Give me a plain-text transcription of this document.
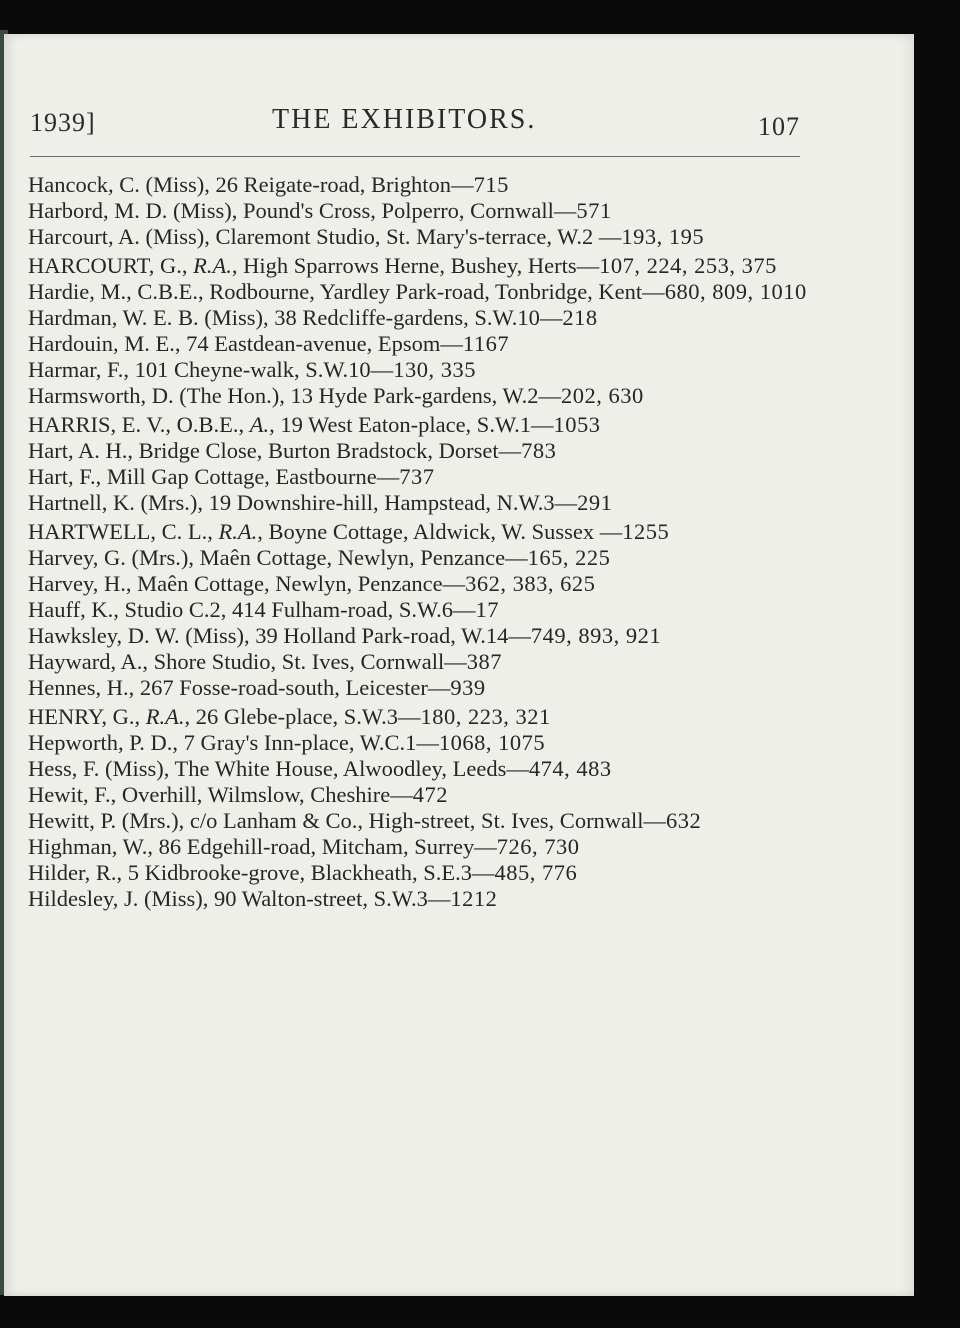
1939]	THE EXHIBITORS.	107

Hancock, C. (Miss), 26 Reigate-road, Brighton—715

Harbord, M. D. (Miss), Pound's Cross, Polperro, Cornwall—571

Harcourt, A. (Miss), Claremont Studio, St. Mary's-terrace, W.2 —193, 195

HARCOURT, G., R.A., High Sparrows Herne, Bushey, Herts—107, 224, 253, 375

Hardie, M., C.B.E., Rodbourne, Yardley Park-road, Tonbridge, Kent—680, 809, 1010

Hardman, W. E. B. (Miss), 38 Redcliffe-gardens, S.W.10—218

Hardouin, M. E., 74 Eastdean-avenue, Epsom—1167

Harmar, F., 101 Cheyne-walk, S.W.10—130, 335

Harmsworth, D. (The Hon.), 13 Hyde Park-gardens, W.2—202, 630

HARRIS, E. V., O.B.E., A., 19 West Eaton-place, S.W.1—1053

Hart, A. H., Bridge Close, Burton Bradstock, Dorset—783

Hart, F., Mill Gap Cottage, Eastbourne—737

Hartnell, K. (Mrs.), 19 Downshire-hill, Hampstead, N.W.3—291

HARTWELL, C. L., R.A., Boyne Cottage, Aldwick, W. Sussex —1255

Harvey, G. (Mrs.), Maên Cottage, Newlyn, Penzance—165, 225

Harvey, H., Maên Cottage, Newlyn, Penzance—362, 383, 625

Hauff, K., Studio C.2, 414 Fulham-road, S.W.6—17

Hawksley, D. W. (Miss), 39 Holland Park-road, W.14—749, 893, 921

Hayward, A., Shore Studio, St. Ives, Cornwall—387

Hennes, H., 267 Fosse-road-south, Leicester—939

HENRY, G., R.A., 26 Glebe-place, S.W.3—180, 223, 321

Hepworth, P. D., 7 Gray's Inn-place, W.C.1—1068, 1075

Hess, F. (Miss), The White House, Alwoodley, Leeds—474, 483

Hewit, F., Overhill, Wilmslow, Cheshire—472

Hewitt, P. (Mrs.), c/o Lanham & Co., High-street, St. Ives, Cornwall—632

Highman, W., 86 Edgehill-road, Mitcham, Surrey—726, 730

Hilder, R., 5 Kidbrooke-grove, Blackheath, S.E.3—485, 776

Hildesley, J. (Miss), 90 Walton-street, S.W.3—1212
